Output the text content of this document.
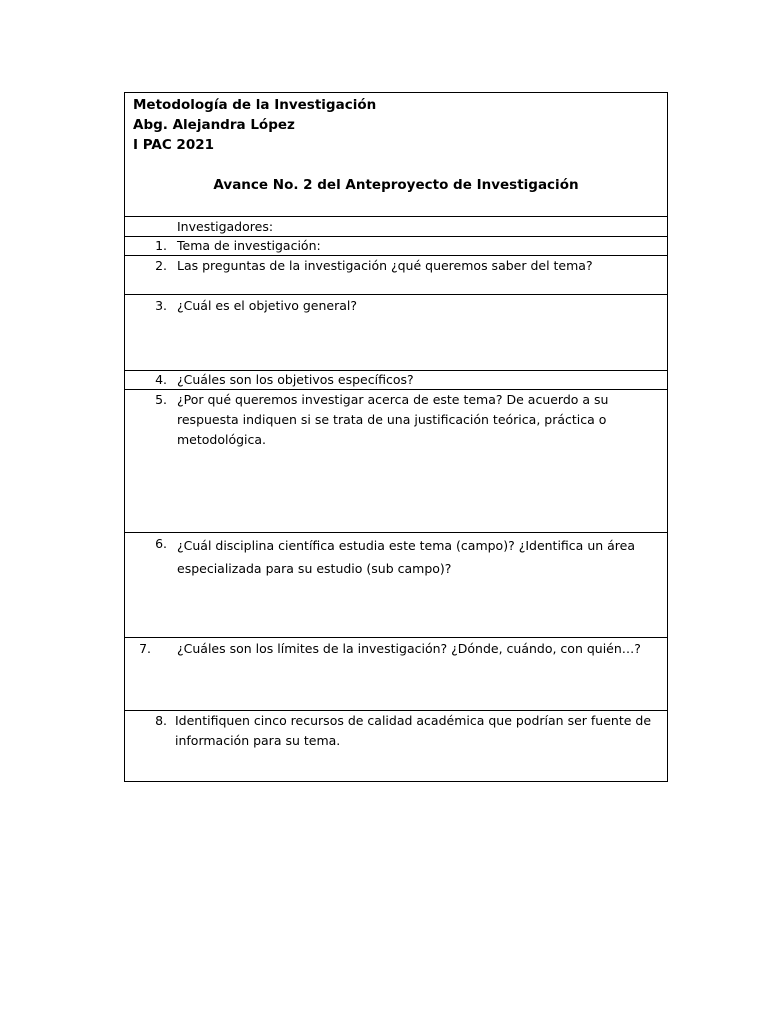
Metodología de la Investigación
Abg. Alejandra López
I PAC 2021
Avance No. 2 del Anteproyecto de Investigación
Investigadores:
1. Tema de investigación:
2. Las preguntas de la investigación ¿qué queremos saber del tema?
3. ¿Cuál es el objetivo general?
4. ¿Cuáles son los objetivos específicos?
5. ¿Por qué queremos investigar acerca de este tema? De acuerdo a su respuesta indiquen si se trata de una justificación teórica, práctica o metodológica.
6. ¿Cuál disciplina científica estudia este tema (campo)? ¿Identifica un área especializada para su estudio (sub campo)?
7. ¿Cuáles son los límites de la investigación? ¿Dónde, cuándo, con quién…?
8. Identifiquen cinco recursos de calidad académica que podrían ser fuente de información para su tema.
